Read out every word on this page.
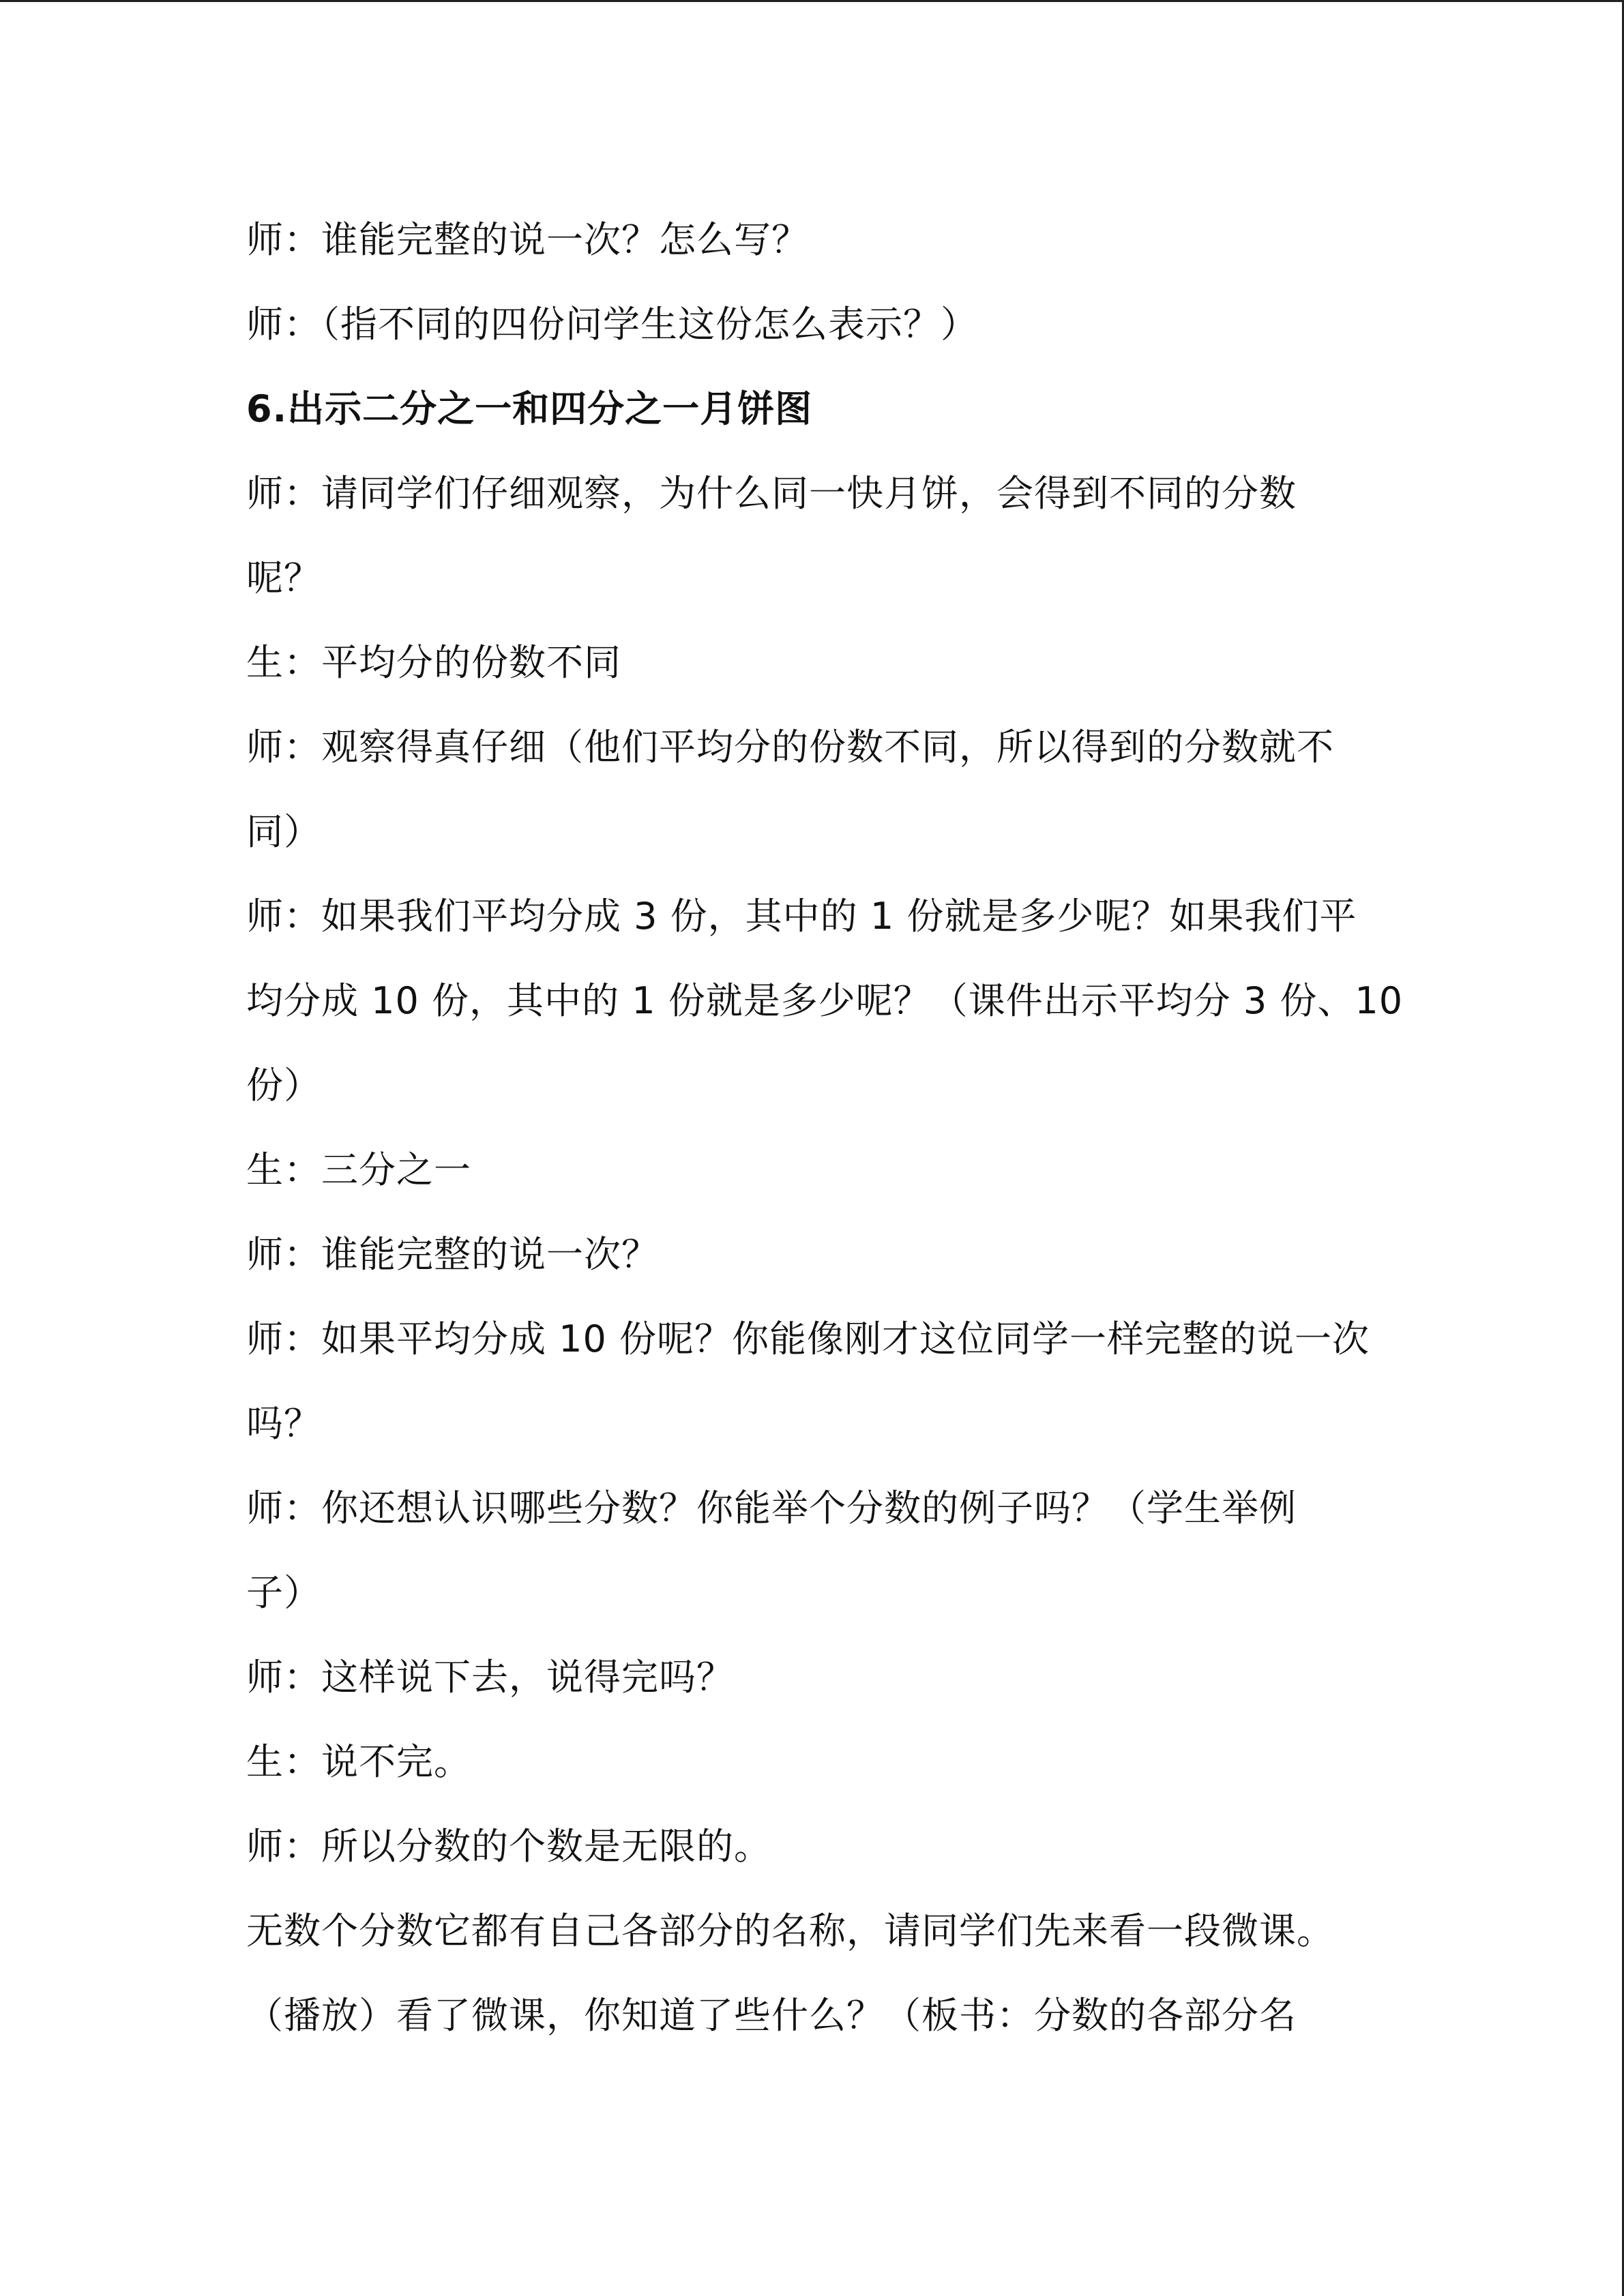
师：谁能完整的说一次？怎么写？
师：（指不同的四份问学生这份怎么表示？）
6.出示二分之一和四分之一月饼图
师：请同学们仔细观察，为什么同一快月饼，会得到不同的分数
呢？
生：平均分的份数不同
师：观察得真仔细（他们平均分的份数不同，所以得到的分数就不
同）
师：如果我们平均分成 3 份，其中的 1 份就是多少呢？如果我们平
均分成 10 份，其中的 1 份就是多少呢？（课件出示平均分 3 份、10
份）
生：三分之一
师：谁能完整的说一次？
师：如果平均分成 10 份呢？你能像刚才这位同学一样完整的说一次
吗？
师：你还想认识哪些分数？你能举个分数的例子吗？（学生举例
子）
师：这样说下去，说得完吗？
生：说不完。
师：所以分数的个数是无限的。
无数个分数它都有自己各部分的名称，请同学们先来看一段微课。
（播放）看了微课，你知道了些什么？（板书：分数的各部分名
